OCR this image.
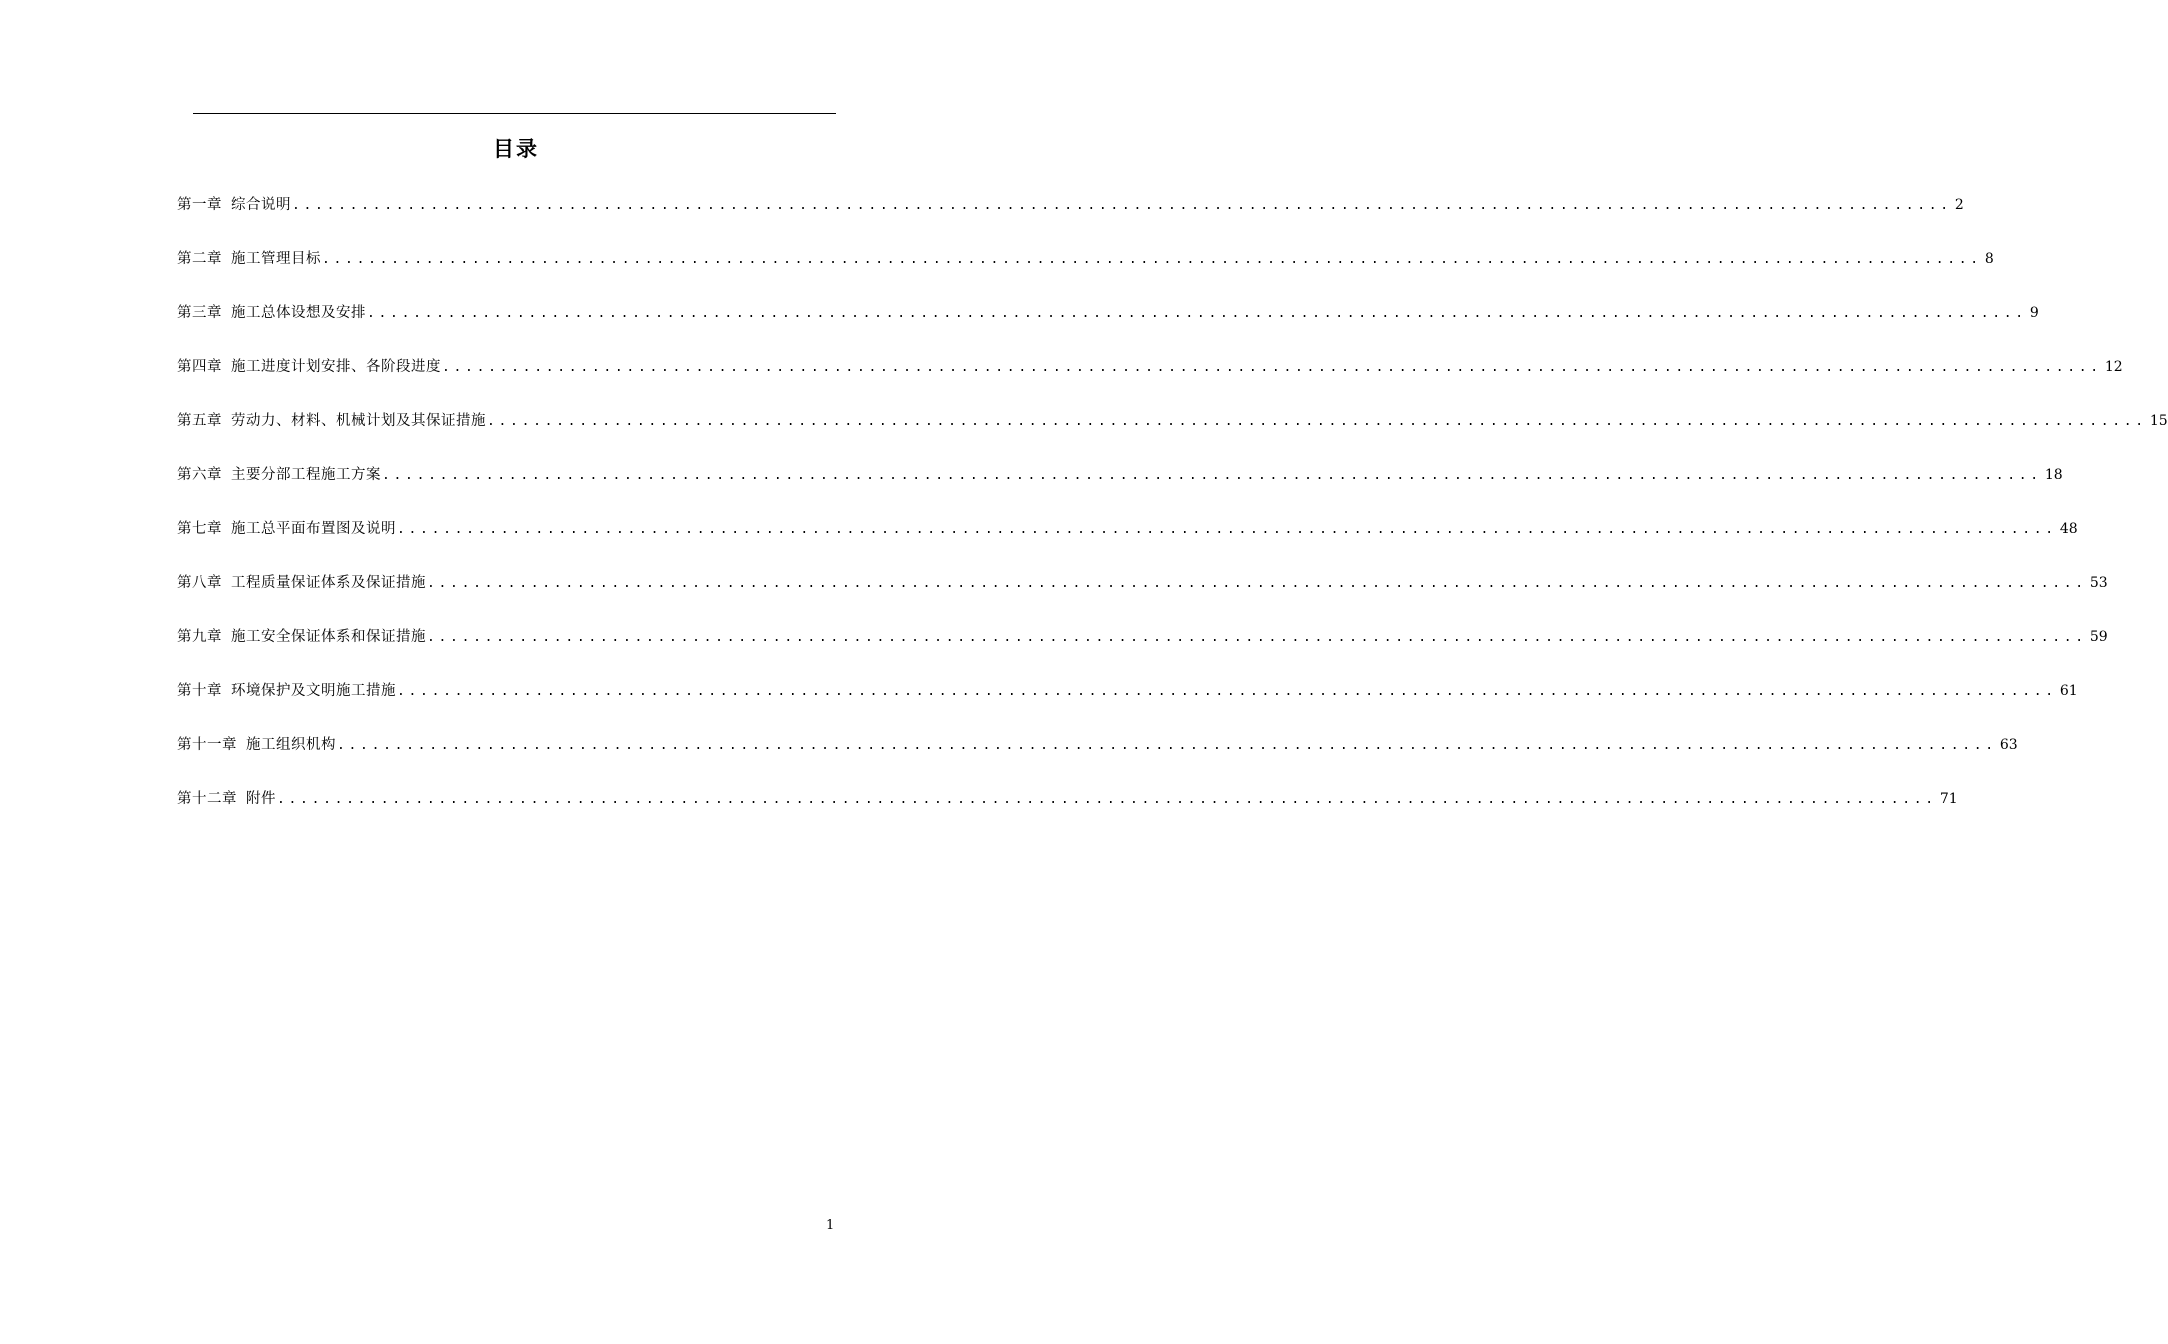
目录
第一章 综合说明 ................................................................................................................................................ 2
第二章 施工管理目标 ................................................................................................................................................ 8
第三章 施工总体设想及安排 ................................................................................................................................................ 9
第四章 施工进度计划安排、各阶段进度 ................................................................................................................................................ 12
第五章 劳动力、材料、机械计划及其保证措施 ................................................................................................................................................ 15
第六章 主要分部工程施工方案 ................................................................................................................................................ 18
第七章 施工总平面布置图及说明 ................................................................................................................................................ 48
第八章 工程质量保证体系及保证措施 ................................................................................................................................................ 53
第九章 施工安全保证体系和保证措施 ................................................................................................................................................ 59
第十章 环境保护及文明施工措施 ................................................................................................................................................ 61
第十一章 施工组织机构 ................................................................................................................................................ 63
第十二章 附件 ................................................................................................................................................ 71
1
